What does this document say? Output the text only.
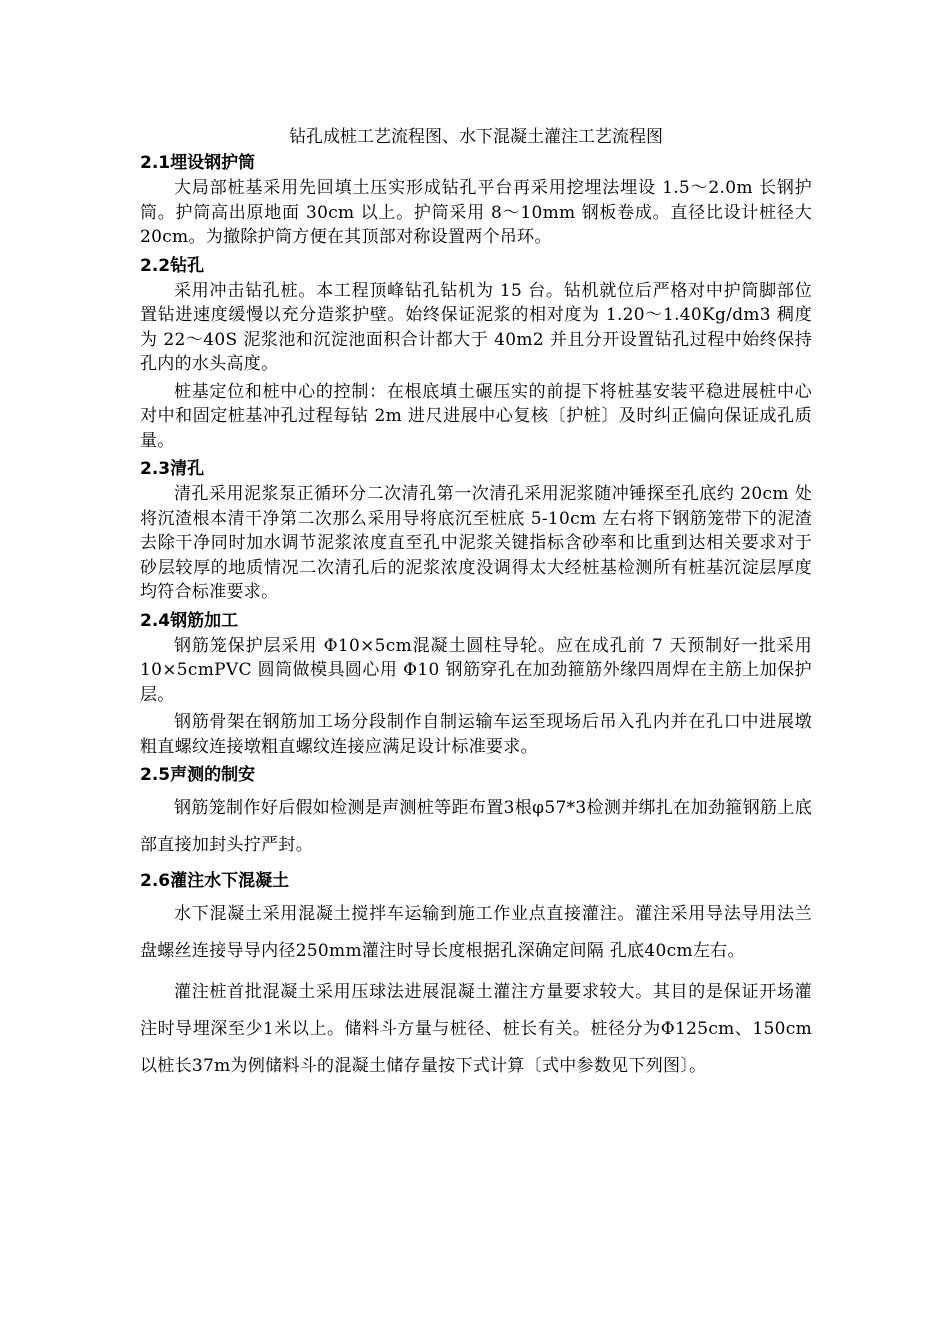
钻孔成桩工艺流程图、水下混凝土灌注工艺流程图

2.1埋设钢护筒

大局部桩基采用先回填土压实形成钻孔平台再采用挖埋法埋设 1.5～2.0m 长钢护筒。护筒高出原地面 30cm 以上。护筒采用 8～10mm 钢板卷成。直径比设计桩径大 20cm。为撤除护筒方便在其顶部对称设置两个吊环。

2.2钻孔

采用冲击钻孔桩。本工程顶峰钻孔钻机为 15 台。钻机就位后严格对中护筒脚部位置钻进速度缓慢以充分造浆护壁。始终保证泥浆的相对度为 1.20～1.40Kg/dm3 稠度为 22～40S 泥浆池和沉淀池面积合计都大于 40m2 并且分开设置钻孔过程中始终保持孔内的水头高度。

桩基定位和桩中心的控制：在根底填土碾压实的前提下将桩基安装平稳进展桩中心对中和固定桩基冲孔过程每钻 2m 进尺进展中心复核〔护桩〕及时纠正偏向保证成孔质量。

2.3清孔

清孔采用泥浆泵正循环分二次清孔第一次清孔采用泥浆随冲锤探至孔底约 20cm 处将沉渣根本清干净第二次那么采用导将底沉至桩底 5-10cm 左右将下钢筋笼带下的泥渣去除干净同时加水调节泥浆浓度直至孔中泥浆关键指标含砂率和比重到达相关要求对于砂层较厚的地质情况二次清孔后的泥浆浓度没调得太大经桩基检测所有桩基沉淀层厚度均符合标准要求。

2.4钢筋加工

钢筋笼保护层采用 Φ10×5cm混凝土圆柱导轮。应在成孔前 7 天预制好一批采用 10×5cmPVC 圆筒做模具圆心用 Φ10 钢筋穿孔在加劲箍筋外缘四周焊在主筋上加保护层。

钢筋骨架在钢筋加工场分段制作自制运输车运至现场后吊入孔内并在孔口中进展墩粗直螺纹连接墩粗直螺纹连接应满足设计标准要求。

2.5声测的制安

钢筋笼制作好后假如检测是声测桩等距布置3根φ57*3检测并绑扎在加劲箍钢筋上底部直接加封头拧严封。

2.6灌注水下混凝土

水下混凝土采用混凝土搅拌车运输到施工作业点直接灌注。灌注采用导法导用法兰盘螺丝连接导导内径250mm灌注时导长度根据孔深确定间隔 孔底40cm左右。

灌注桩首批混凝土采用压球法进展混凝土灌注方量要求较大。其目的是保证开场灌注时导埋深至少1米以上。储料斗方量与桩径、桩长有关。桩径分为Φ125cm、150cm以桩长37m为例储料斗的混凝土储存量按下式计算〔式中参数见下列图〕。
